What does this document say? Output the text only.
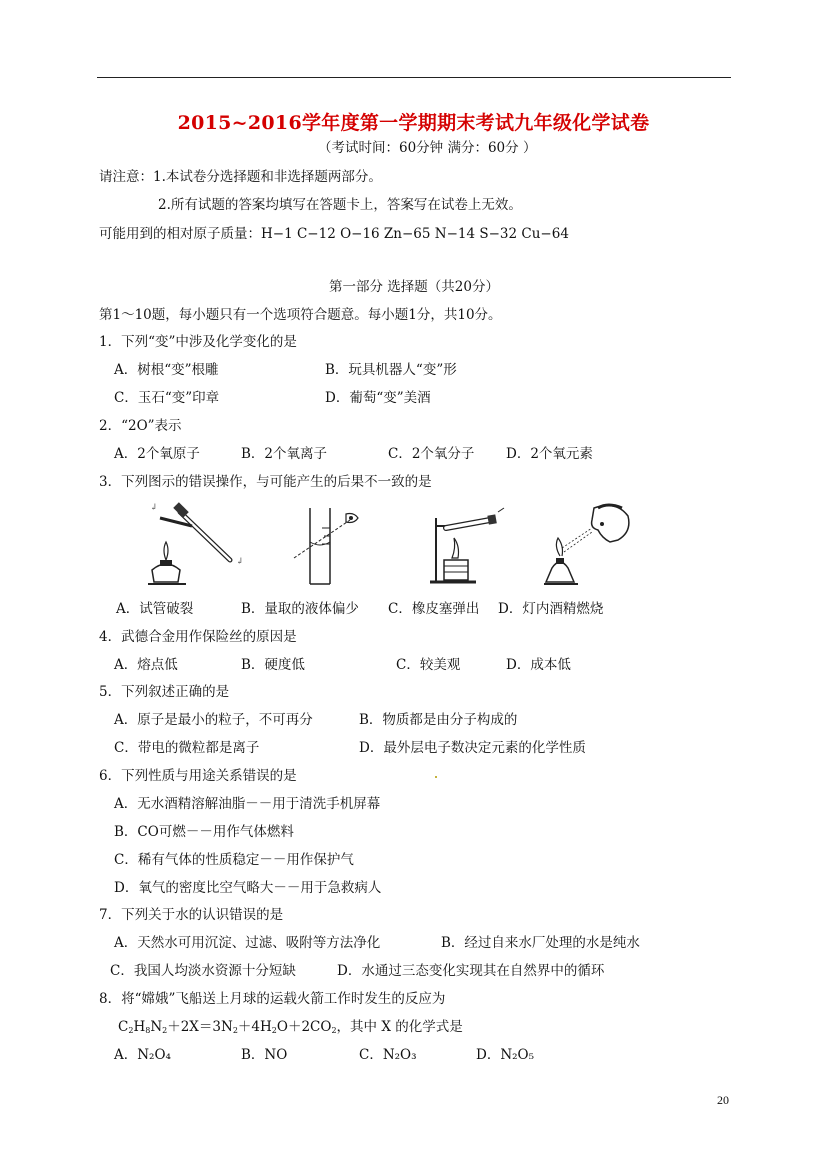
2015~2016学年度第一学期期末考试九年级化学试卷
（考试时间：60分钟 满分：60分 ）
请注意：1.本试卷分选择题和非选择题两部分。
2.所有试题的答案均填写在答题卡上，答案写在试卷上无效。
可能用到的相对原子质量：H−1 C−12 O−16 Zn−65 N−14 S−32 Cu−64
第一部分 选择题（共20分）
第1～10题，每小题只有一个选项符合题意。每小题1分，共10分。
1．下列“变”中涉及化学变化的是
A．树根“变”根雕	B．玩具机器人“变”形
C．玉石“变”印章	D．葡萄“变”美酒
2．“2O”表示
A．2个氧原子	B．2个氧离子	C．2个氧分子 D．2个氧元素
3．下列图示的错误操作，与可能产生的后果不一致的是
↲
↲
A．试管破裂	B．量取的液体偏少 C．橡皮塞弹出 D．灯内酒精燃烧
4．武德合金用作保险丝的原因是
A．熔点低	B．硬度低	C．较美观	D．成本低
5．下列叙述正确的是
A．原子是最小的粒子，不可再分	B．物质都是由分子构成的
C．带电的微粒都是离子	D．最外层电子数决定元素的化学性质
6．下列性质与用途关系错误的是
A．无水酒精溶解油脂－－用于清洗手机屏幕
B．CO可燃－－用作气体燃料
C．稀有气体的性质稳定－－用作保护气
D．氧气的密度比空气略大－－用于急救病人
7．下列关于水的认识错误的是
A．天然水可用沉淀、过滤、吸附等方法净化	B．经过自来水厂处理的水是纯水
C．我国人均淡水资源十分短缺	D．水通过三态变化实现其在自然界中的循环
8．将“嫦娥”飞船送上月球的运载火箭工作时发生的反应为
$C_2H_8N_2+2X=3N_2+4H_2O+2CO_2$，其中 X 的化学式是
A．N₂O₄	B．NO	C．N₂O₃	D．N₂O₅
20
